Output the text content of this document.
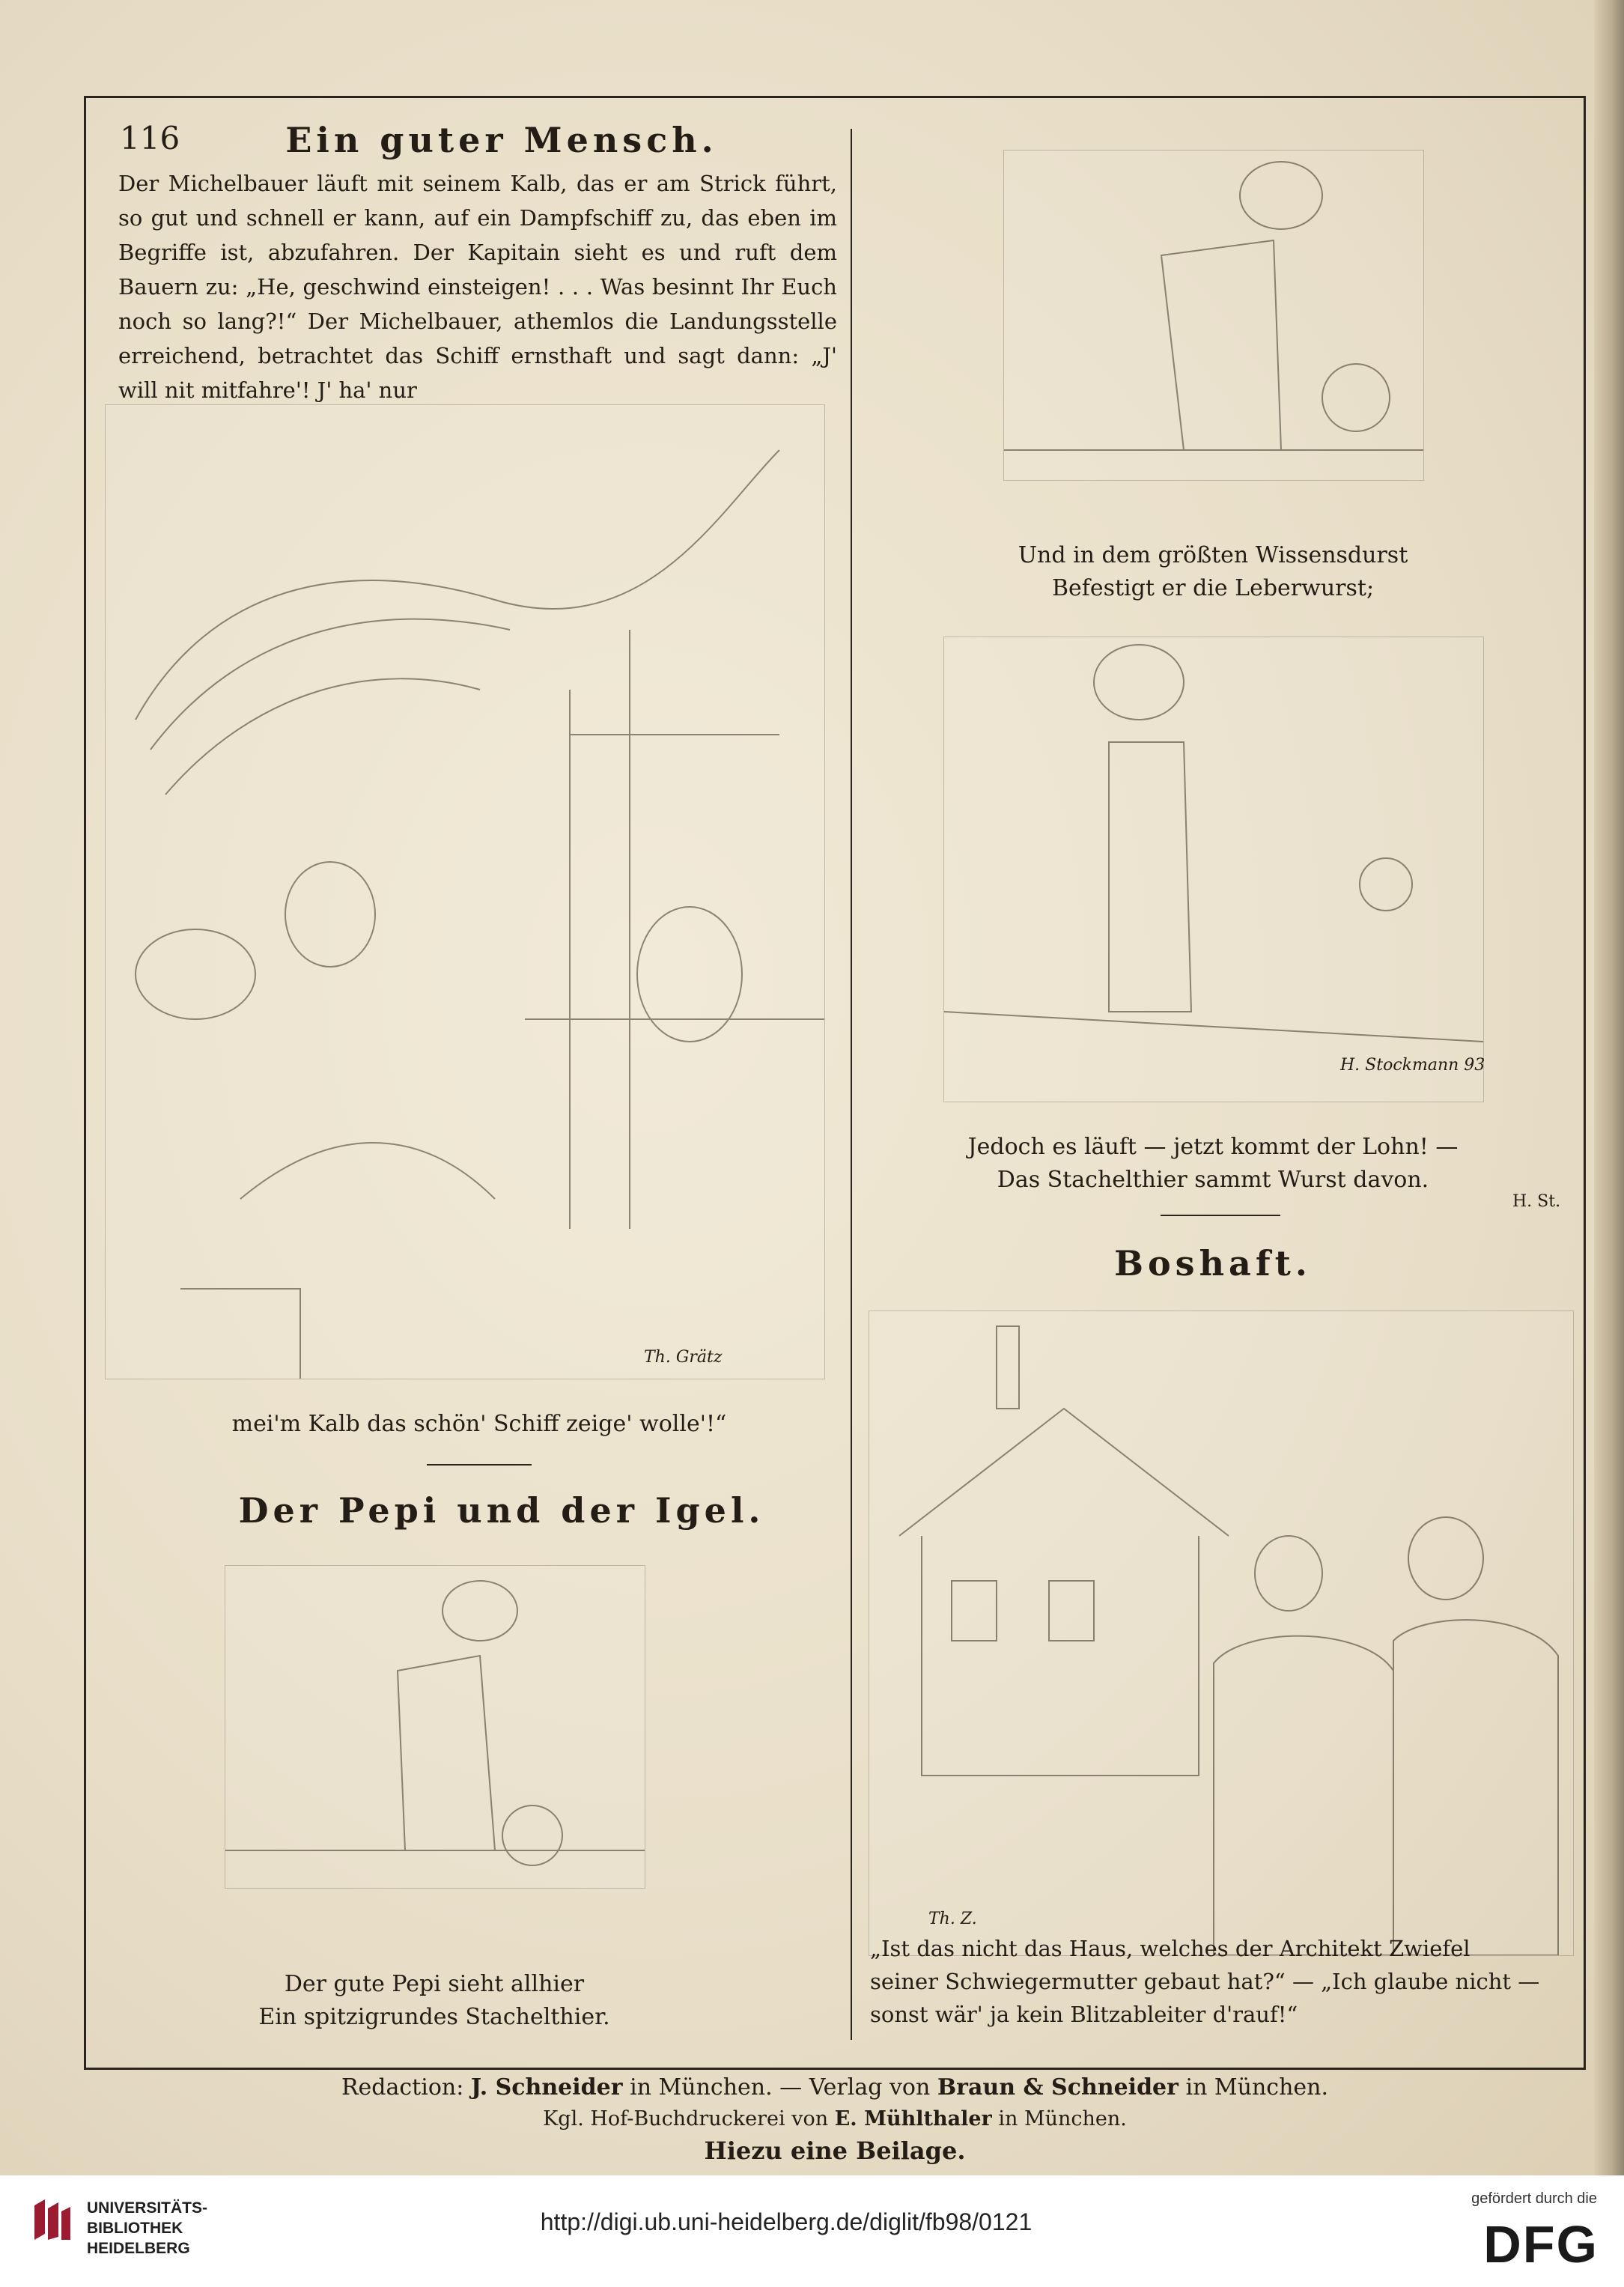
116	Ein guter Mensch.
Der Michelbauer läuft mit seinem Kalb, das er am Strick führt, so gut und schnell er kann, auf ein Dampfschiff zu, das eben im Begriffe ist, abzufahren. Der Kapitain sieht es und ruft dem Bauern zu: „He, geschwind einsteigen! . . . Was besinnt Ihr Euch noch so lang?!“ Der Michelbauer, athemlos die Landungsstelle erreichend, betrachtet das Schiff ernsthaft und sagt dann: „J' will nit mitfahre'! J' ha' nur
Th. Grätz
mei'm Kalb das schön' Schiff zeige' wolle'!“
Der Pepi und der Igel.
Der gute Pepi sieht allhier
Ein spitzigrundes Stachelthier.
Und in dem größten Wissensdurst
Befestigt er die Leberwurst;
H. Stockmann 93
Jedoch es läuft — jetzt kommt der Lohn! —
Das Stachelthier sammt Wurst davon.
H. St.
Boshaft.
Th. Z.
„Ist das nicht das Haus, welches der Architekt Zwiefel
seiner Schwiegermutter gebaut hat?“ — „Ich glaube nicht —
sonst wär' ja kein Blitzableiter d'rauf!“
Redaction: J. Schneider in München. — Verlag von Braun & Schneider in München.
Kgl. Hof-Buchdruckerei von E. Mühlthaler in München.
Hiezu eine Beilage.
UNIVERSITÄTS-
BIBLIOTHEK
HEIDELBERG
http://digi.ub.uni-heidelberg.de/diglit/fb98/0121
gefördert durch die
DFG
